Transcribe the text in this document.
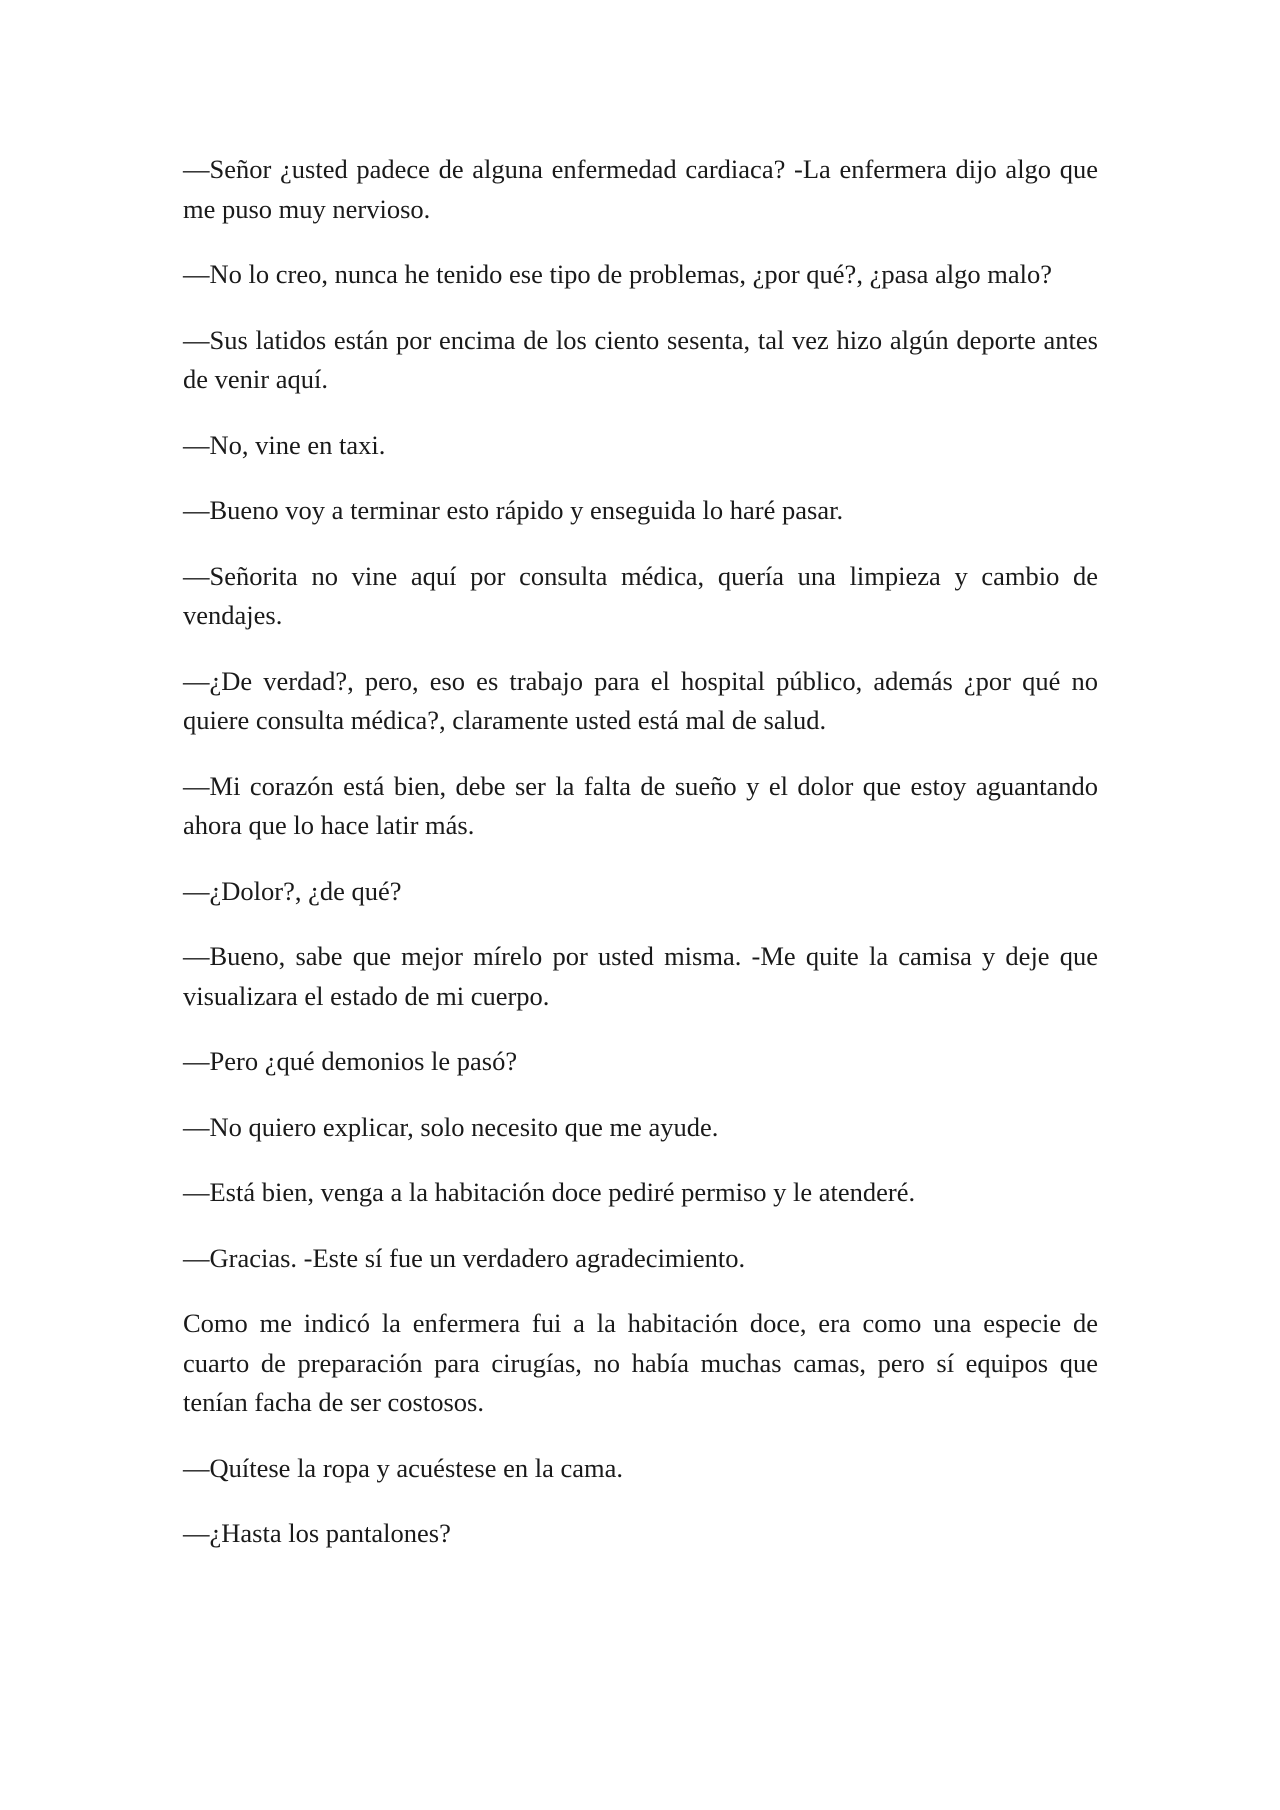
—Señor ¿usted padece de alguna enfermedad cardiaca? -La enfermera dijo algo que me puso muy nervioso.

—No lo creo, nunca he tenido ese tipo de problemas, ¿por qué?, ¿pasa algo malo?

—Sus latidos están por encima de los ciento sesenta, tal vez hizo algún deporte antes de venir aquí.

—No, vine en taxi.

—Bueno voy a terminar esto rápido y enseguida lo haré pasar.

—Señorita no vine aquí por consulta médica, quería una limpieza y cambio de vendajes.

—¿De verdad?, pero, eso es trabajo para el hospital público, además ¿por qué no quiere consulta médica?, claramente usted está mal de salud.

—Mi corazón está bien, debe ser la falta de sueño y el dolor que estoy aguantando ahora que lo hace latir más.

—¿Dolor?, ¿de qué?

—Bueno, sabe que mejor mírelo por usted misma. -Me quite la camisa y deje que visualizara el estado de mi cuerpo.

—Pero ¿qué demonios le pasó?

—No quiero explicar, solo necesito que me ayude.

—Está bien, venga a la habitación doce pediré permiso y le atenderé.

—Gracias. -Este sí fue un verdadero agradecimiento.

Como me indicó la enfermera fui a la habitación doce, era como una especie de cuarto de preparación para cirugías, no había muchas camas, pero sí equipos que tenían facha de ser costosos.

—Quítese la ropa y acuéstese en la cama.

—¿Hasta los pantalones?
